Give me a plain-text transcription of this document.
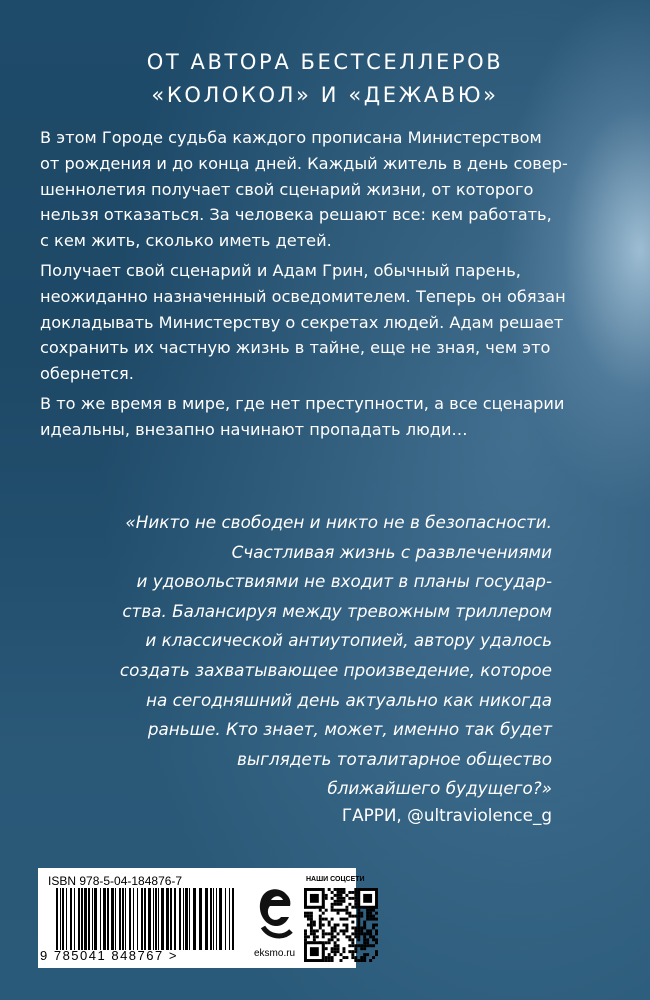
ОТ АВТОРА БЕСТСЕЛЛЕРОВ
«КОЛОКОЛ» И «ДЕЖАВЮ»

В этом Городе судьба каждого прописана Министерством
от рождения и до конца дней. Каждый житель в день совер-
шеннолетия получает свой сценарий жизни, от которого
нельзя отказаться. За человека решают все: кем работать,
с кем жить, сколько иметь детей.

Получает свой сценарий и Адам Грин, обычный парень,
неожиданно назначенный осведомителем. Теперь он обязан
докладывать Министерству о секретах людей. Адам решает
сохранить их частную жизнь в тайне, еще не зная, чем это
обернется.

В то же время в мире, где нет преступности, а все сценарии
идеальны, внезапно начинают пропадать люди…

«Никто не свободен и никто не в безопасности.
Счастливая жизнь с развлечениями
и удовольствиями не входит в планы государ-
ства. Балансируя между тревожным триллером
и классической антиутопией, автору удалось
создать захватывающее произведение, которое
на сегодняшний день актуально как никогда
раньше. Кто знает, может, именно так будет
выглядеть тоталитарное общество
ближайшего будущего?»
ГАРРИ, @ultraviolence_g
ISBN 978-5-04-184876-7
9 785041 848767 >	eksmo.ru
НАШИ СОЦСЕТИ
